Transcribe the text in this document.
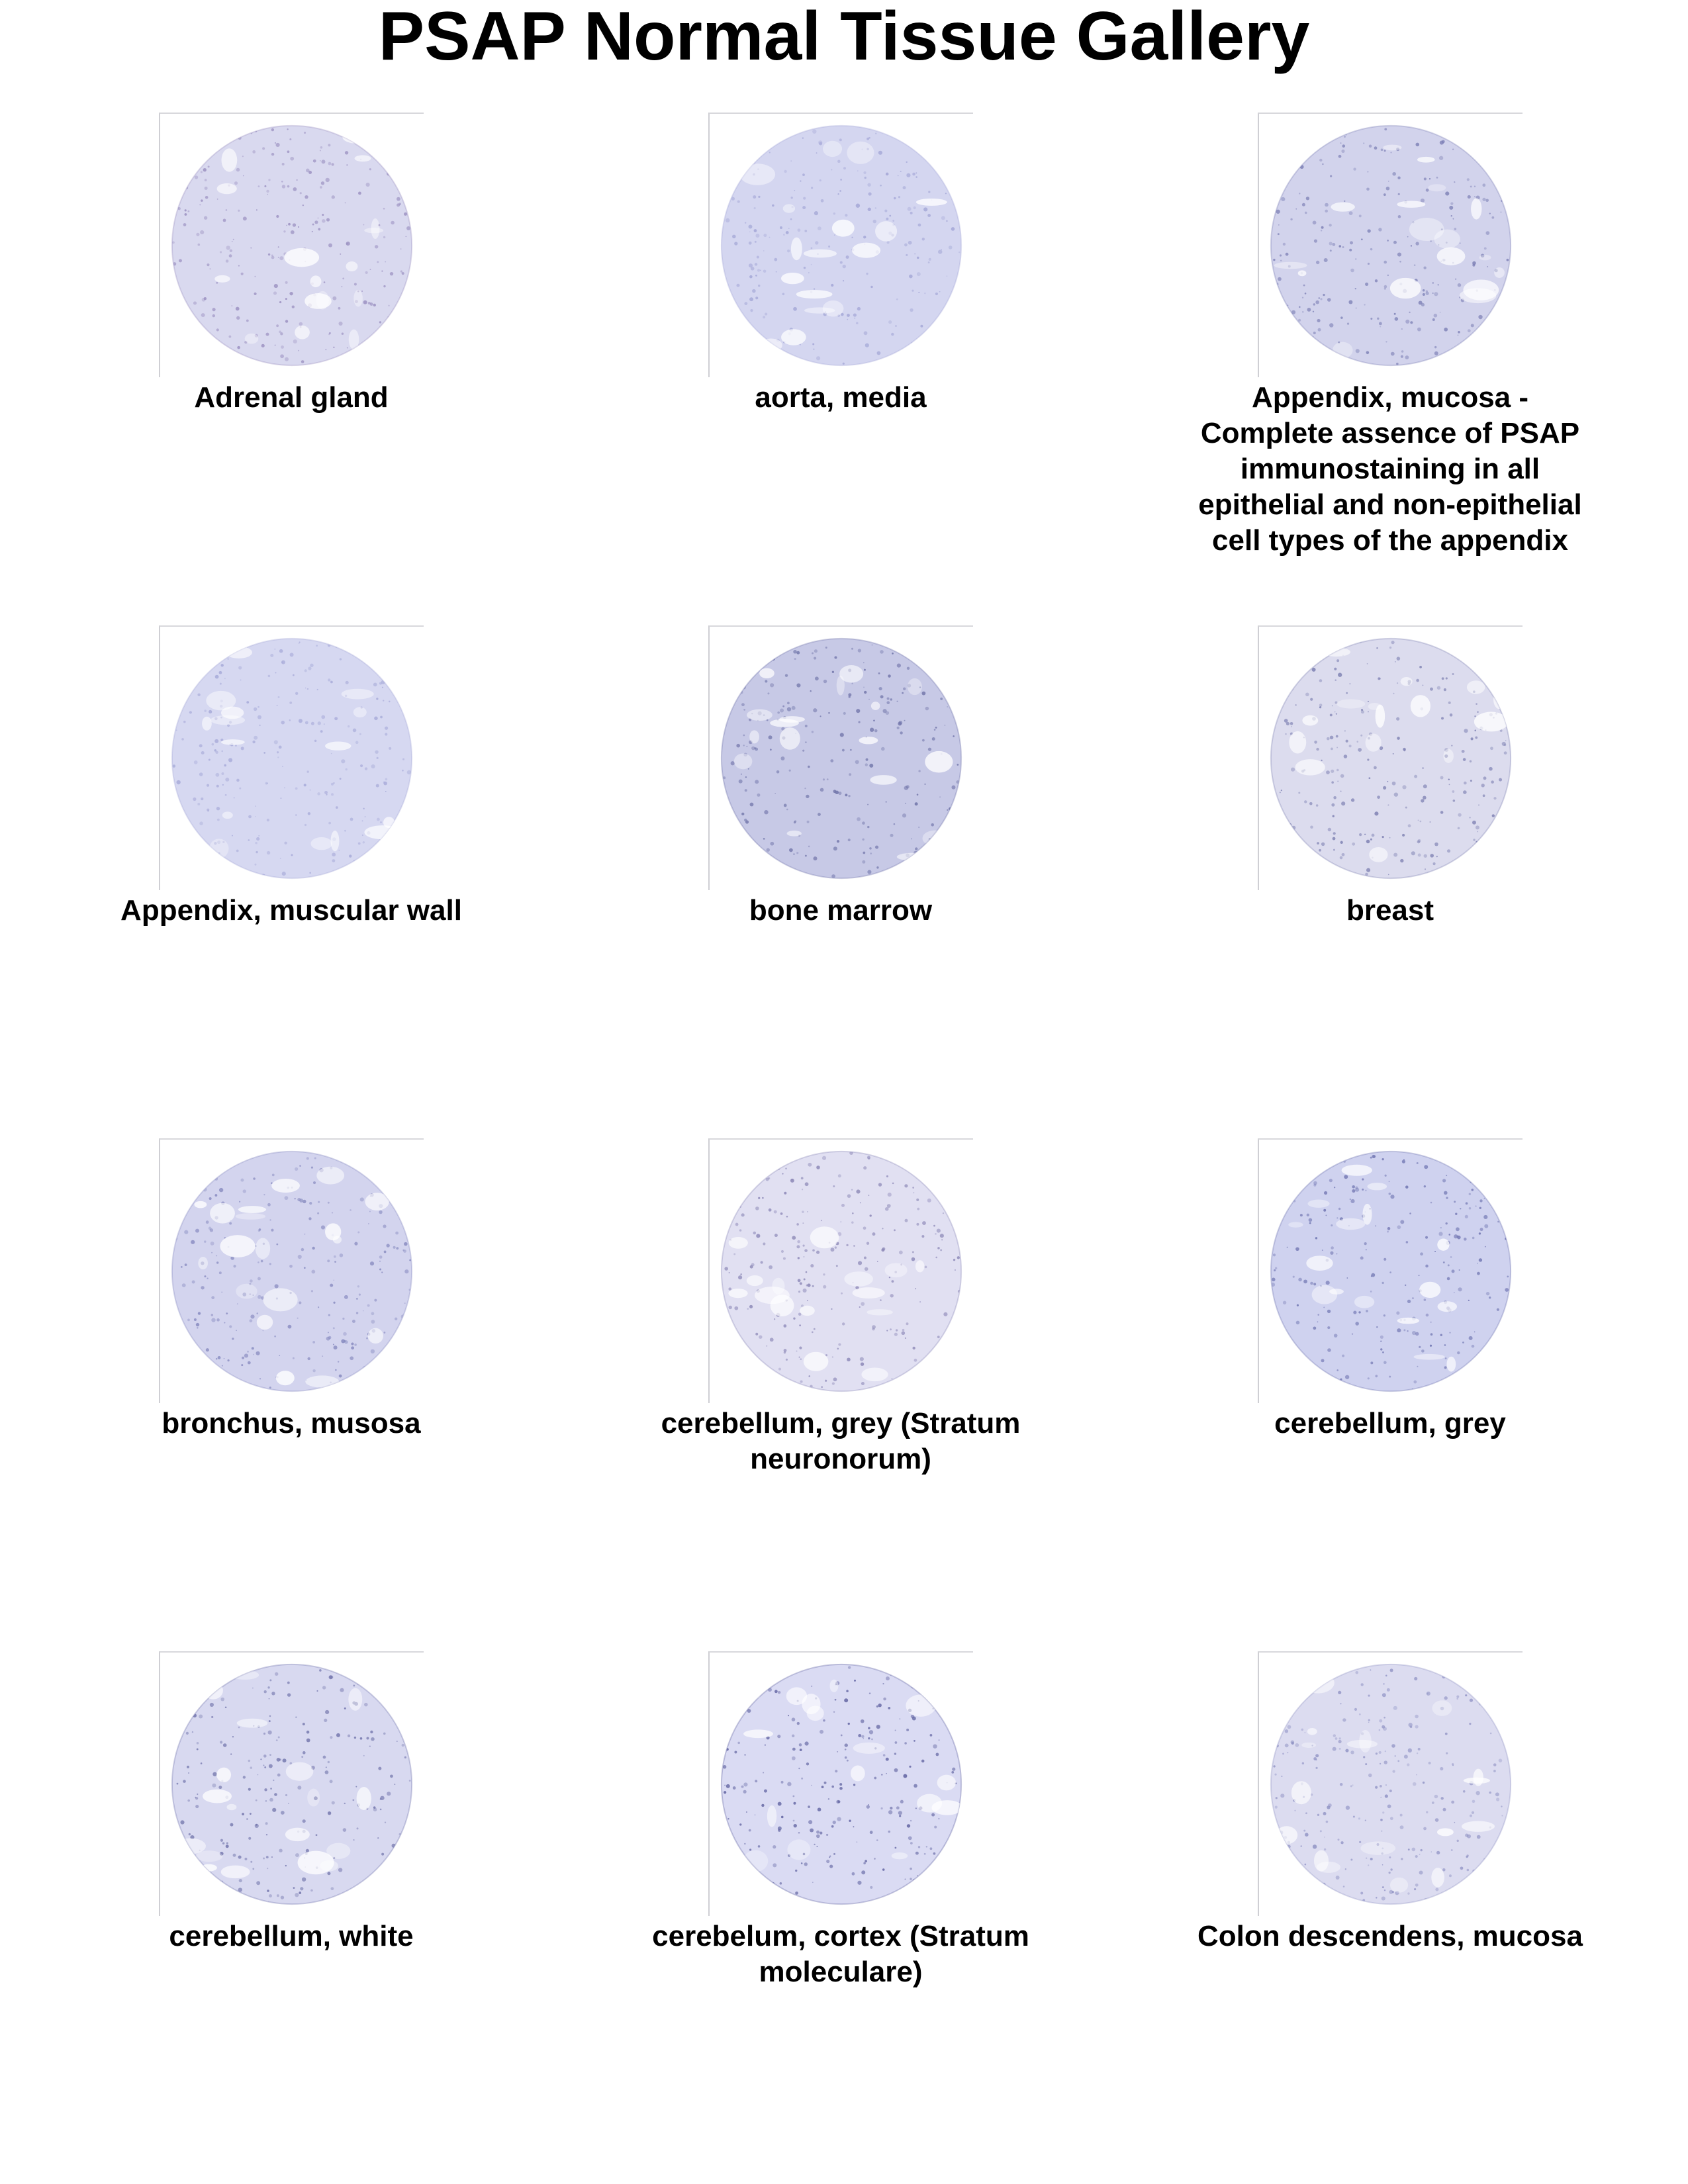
PSAP Normal Tissue Gallery
Adrenal gland	aorta, media	Appendix, mucosa - Complete assence of PSAP immunostaining in all epithelial and non-epithelial cell types of the appendix
Appendix, muscular wall	bone marrow	breast
bronchus, musosa	cerebellum, grey (Stratum neuronorum)
cerebellum, grey
cerebellum, white	cerebelum, cortex (Stratum moleculare)
Colon descendens, mucosa
